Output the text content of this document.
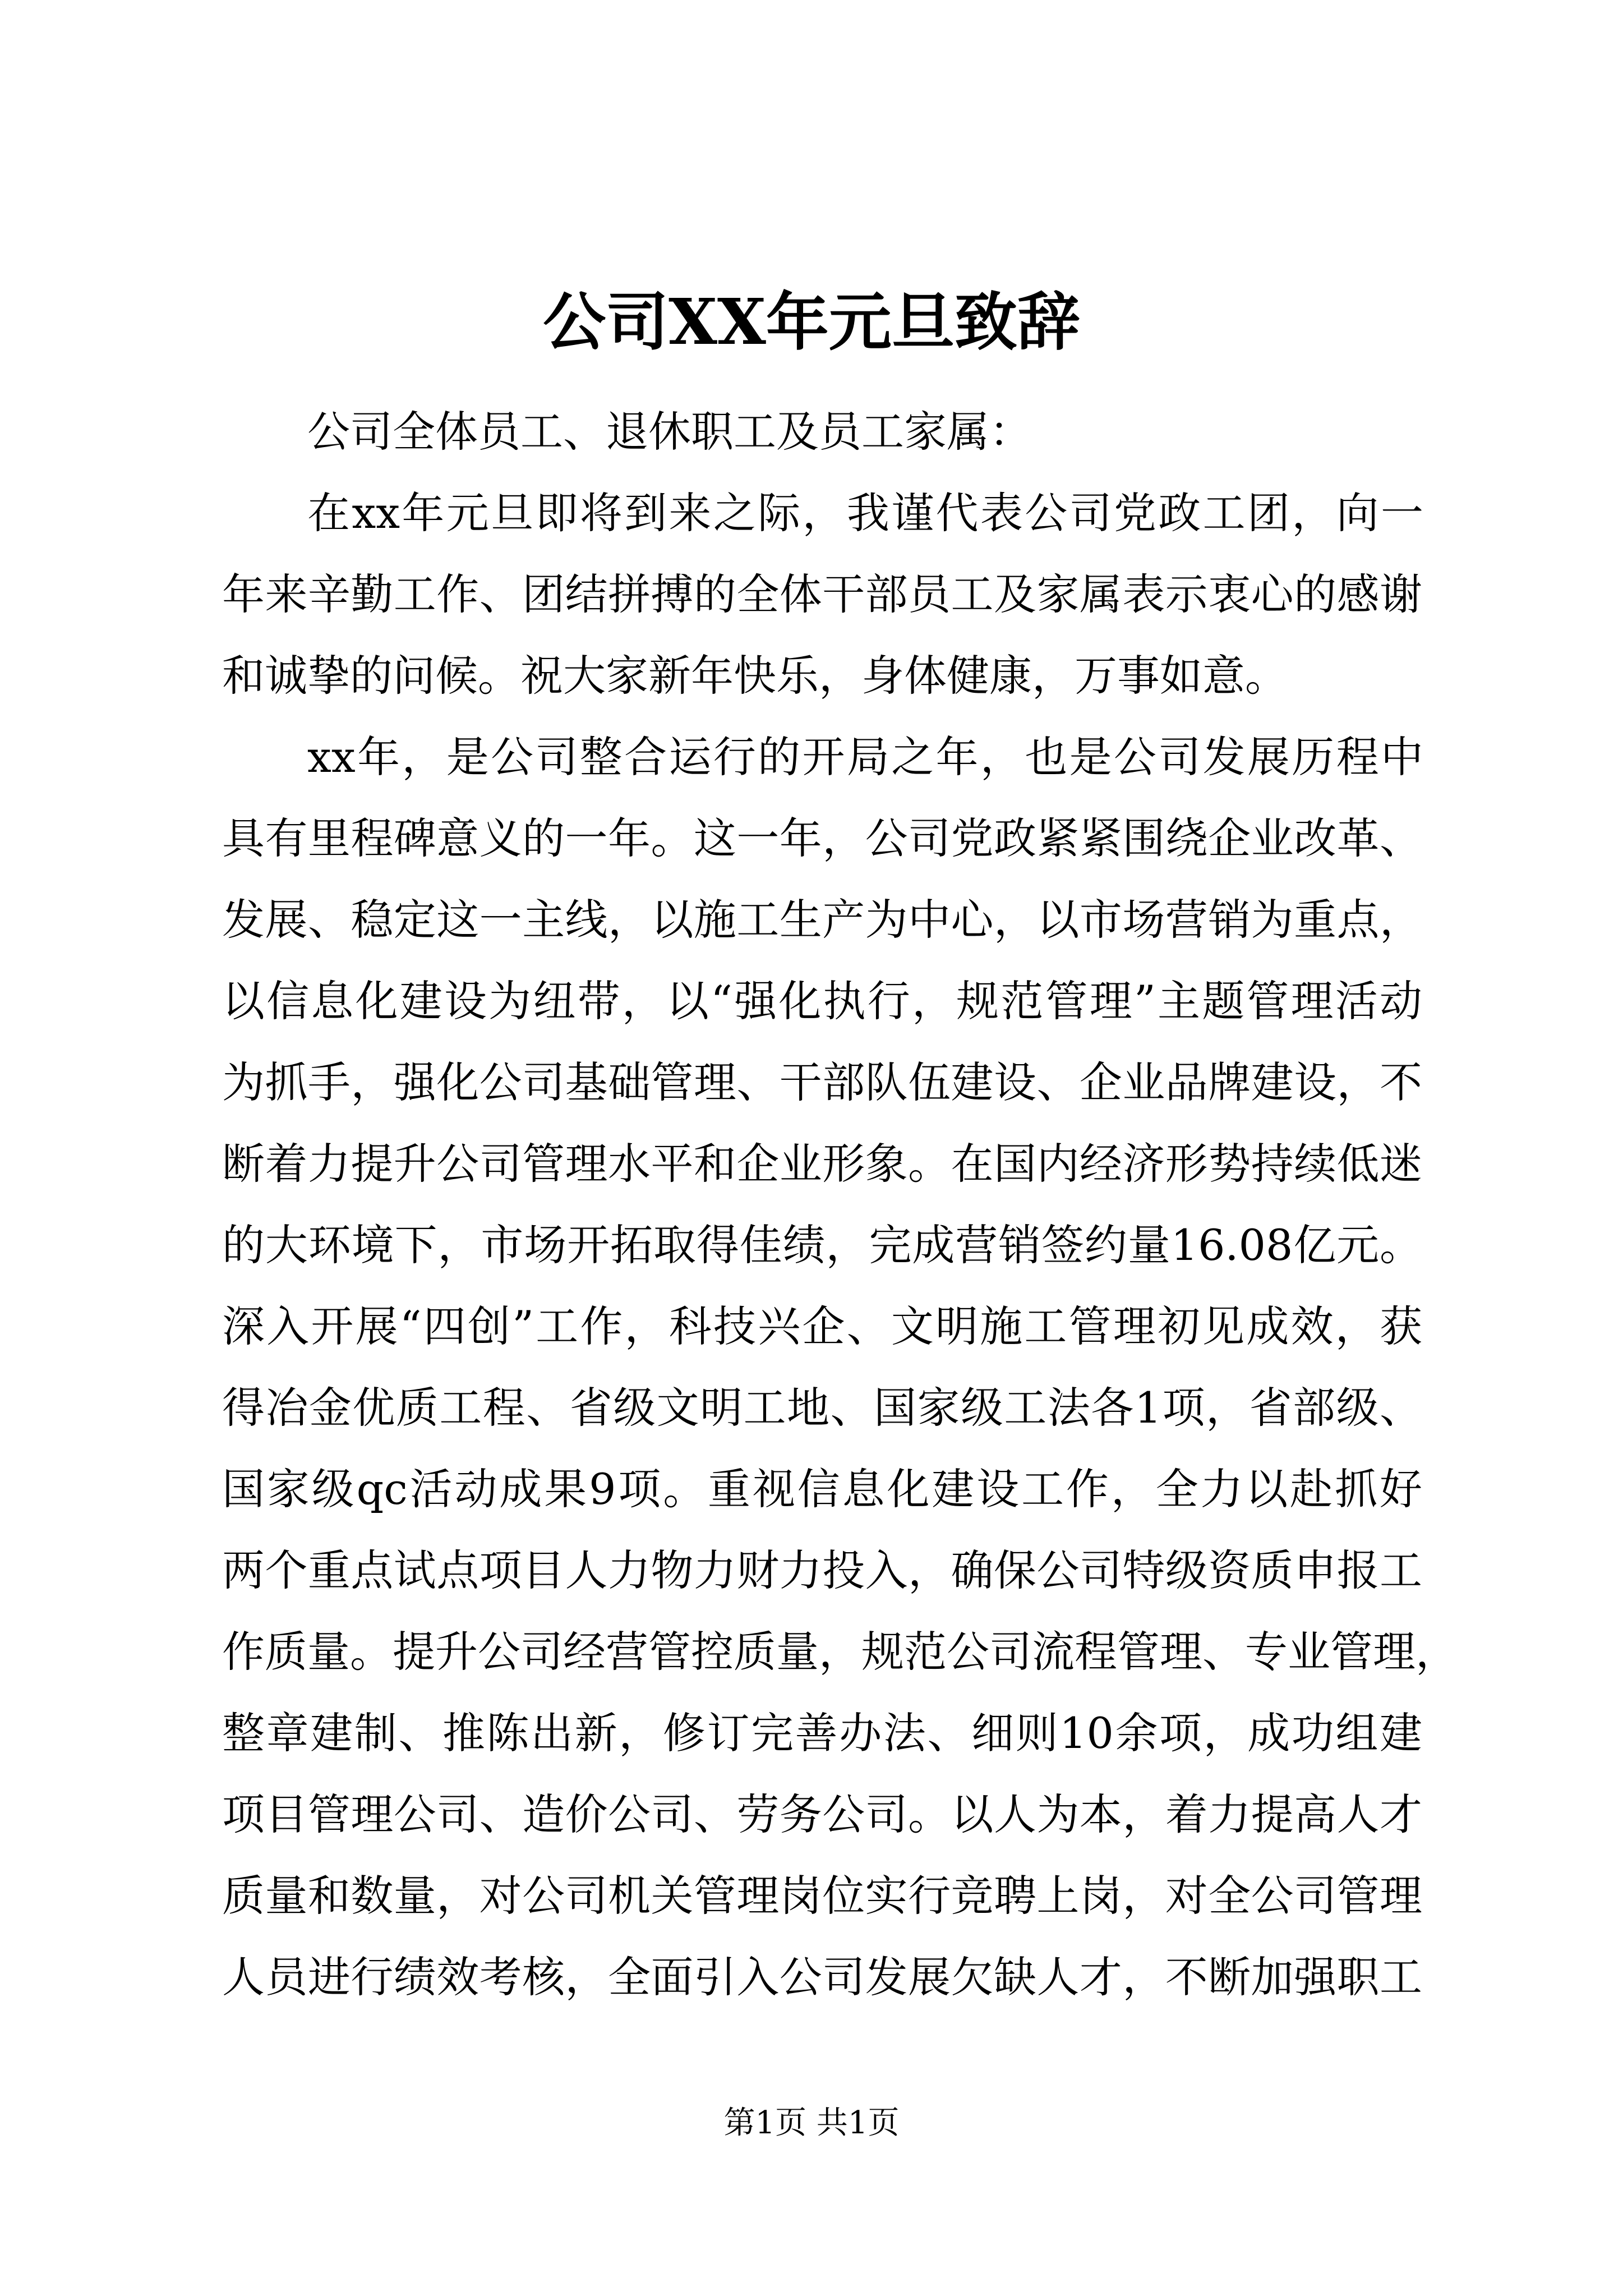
公司XX年元旦致辞

公司全体员工、退休职工及员工家属：

在xx年元旦即将到来之际，我谨代表公司党政工团，向一

年来辛勤工作、团结拼搏的全体干部员工及家属表示衷心的感谢

和诚挚的问候。祝大家新年快乐，身体健康，万事如意。

xx年，是公司整合运行的开局之年，也是公司发展历程中

具有里程碑意义的一年。这一年，公司党政紧紧围绕企业改革、

发展、稳定这一主线，以施工生产为中心，以市场营销为重点，

以信息化建设为纽带，以“强化执行，规范管理”主题管理活动

为抓手，强化公司基础管理、干部队伍建设、企业品牌建设，不

断着力提升公司管理水平和企业形象。在国内经济形势持续低迷

的大环境下，市场开拓取得佳绩，完成营销签约量16.08亿元。

深入开展“四创”工作，科技兴企、文明施工管理初见成效，获

得冶金优质工程、省级文明工地、国家级工法各1项，省部级、

国家级qc活动成果9项。重视信息化建设工作，全力以赴抓好

两个重点试点项目人力物力财力投入，确保公司特级资质申报工

作质量。提升公司经营管控质量，规范公司流程管理、专业管理，

整章建制、推陈出新，修订完善办法、细则10余项，成功组建

项目管理公司、造价公司、劳务公司。以人为本，着力提高人才

质量和数量，对公司机关管理岗位实行竞聘上岗，对全公司管理

人员进行绩效考核，全面引入公司发展欠缺人才，不断加强职工

第1页 共1页
